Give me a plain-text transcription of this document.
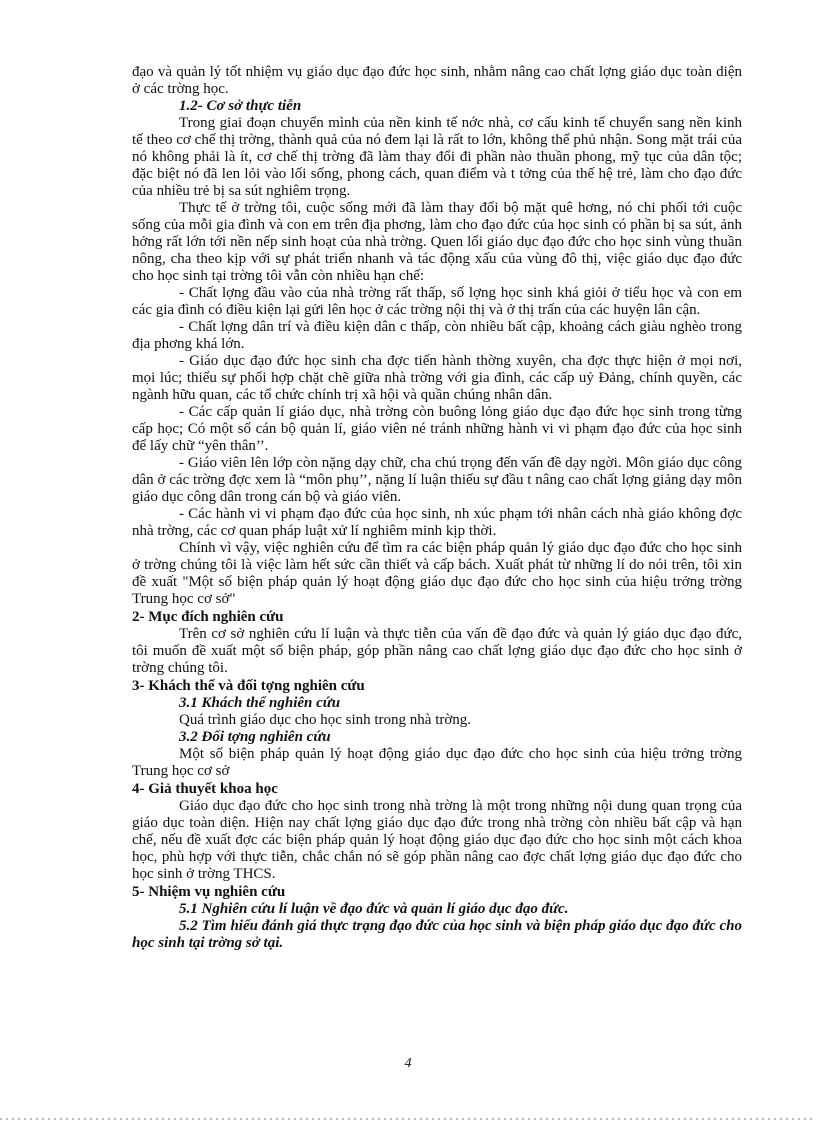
đạo và quản lý tốt nhiệm vụ giáo dục đạo đức học sinh, nhằm nâng cao chất lợng giáo dục toàn diện ở các trờng học.

1.2- Cơ sở thực tiễn

Trong giai đoạn chuyển mình của nền kinh tế nớc nhà, cơ cấu kinh tế chuyển sang nền kinh tế theo cơ chế thị trờng, thành quả của nó đem lại là rất to lớn, không thể phủ nhận. Song mặt trái của nó không phải là ít, cơ chế thị trờng đã làm thay đổi đi phần nào thuần phong, mỹ tục của dân tộc; đặc biệt nó đã len lỏi vào lối sống, phong cách, quan điểm và t tởng của thế hệ trẻ, làm cho đạo đức của nhiều trẻ bị sa sút nghiêm trọng.

Thực tế ở trờng tôi, cuộc sống mới đã làm thay đổi bộ mặt quê hơng, nó chi phối tới cuộc sống của mỗi gia đình và con em trên địa phơng, làm cho đạo đức của học sinh có phần bị sa sút, ảnh hởng rất lớn tới nền nếp sinh hoạt của nhà trờng. Quen lối giáo dục đạo đức cho học sinh vùng thuần nông, cha theo kịp với sự phát triển nhanh và tác động xấu của vùng đô thị, việc giáo dục đạo đức cho học sinh tại trờng tôi vẫn còn nhiều hạn chế:

- Chất lợng đầu vào của nhà trờng rất thấp, số lợng học sinh khá giỏi ở tiểu học và con em các gia đình có điều kiện lại gửi lên học ở các trờng nội thị và ở thị trấn của các huyện lân cận.

- Chất lợng dân trí và điều kiện dân c thấp, còn nhiều bất cập, khoảng cách giàu nghèo trong địa phơng khá lớn.

- Giáo dục đạo đức học sinh cha đợc tiến hành thờng xuyên, cha đợc thực hiện ở mọi nơi, mọi lúc; thiếu sự phối hợp chặt chẽ giữa nhà trờng với gia đình, các cấp uỷ Đảng, chính quyền, các ngành hữu quan, các tổ chức chính trị xã hội và quần chúng nhân dân.

- Các cấp quản lí giáo dục, nhà trờng còn buông lỏng giáo dục đạo đức học sinh trong từng cấp học; Có một số cán bộ quản lí, giáo viên né tránh những hành vi vi phạm đạo đức của học sinh để lấy chữ “yên thân’’.

- Giáo viên lên lớp còn nặng dạy chữ, cha chú trọng đến vấn đề dạy ngời. Môn giáo dục công dân ở các trờng đợc xem là “môn phụ’’, nặng lí luận thiếu sự đầu t nâng cao chất lợng giảng dạy môn giáo dục công dân trong cán bộ và giáo viên.

- Các hành vi vi phạm đạo đức của học sinh, nh xúc phạm tới nhân cách nhà giáo không đợc nhà trờng, các cơ quan pháp luật xử lí nghiêm minh kịp thời.

Chính vì vậy, việc nghiên cứu để tìm ra các biện pháp quản lý giáo dục đạo đức cho học sinh ở trờng chúng tôi là việc làm hết sức cần thiết và cấp bách. Xuất phát từ những lí do nói trên, tôi xin đề xuất "Một số biện pháp quản lý hoạt động giáo dục đạo đức cho học sinh của hiệu trởng trờng Trung học cơ sở"

2- Mục đích nghiên cứu

Trên cơ sở nghiên cứu lí luận và thực tiễn của vấn đề đạo đức và quản lý giáo dục đạo đức, tôi muốn đề xuất một số biện pháp, góp phần nâng cao chất lợng giáo dục đạo đức cho học sinh ở trờng chúng tôi.

3- Khách thể và đối tợng nghiên cứu

3.1 Khách thể nghiên cứu

Quá trình giáo dục cho học sinh trong nhà trờng.

3.2 Đối tợng nghiên cứu

Một số biện pháp quản lý hoạt động giáo dục đạo đức cho học sinh của hiệu trởng trờng Trung học cơ sở

4- Giả thuyết khoa học

Giáo dục đạo đức cho học sinh trong nhà trờng là một trong những nội dung quan trọng của giáo dục toàn diện. Hiện nay chất lợng giáo dục đạo đức trong nhà trờng còn nhiều bất cập và hạn chế, nếu đề xuất đợc các biện pháp quản lý hoạt động giáo dục đạo đức cho học sinh một cách khoa học, phù hợp với thực tiễn, chắc chắn nó sẽ góp phần nâng cao đợc chất lợng giáo dục đạo đức cho học sinh ở trờng THCS.

5- Nhiệm vụ nghiên cứu

5.1 Nghiên cứu lí luận về đạo đức và quản lí giáo dục đạo đức.

5.2 Tìm hiểu đánh giá thực trạng đạo đức của học sinh và biện pháp giáo dục đạo đức cho học sinh tại trờng sở tại.

4
